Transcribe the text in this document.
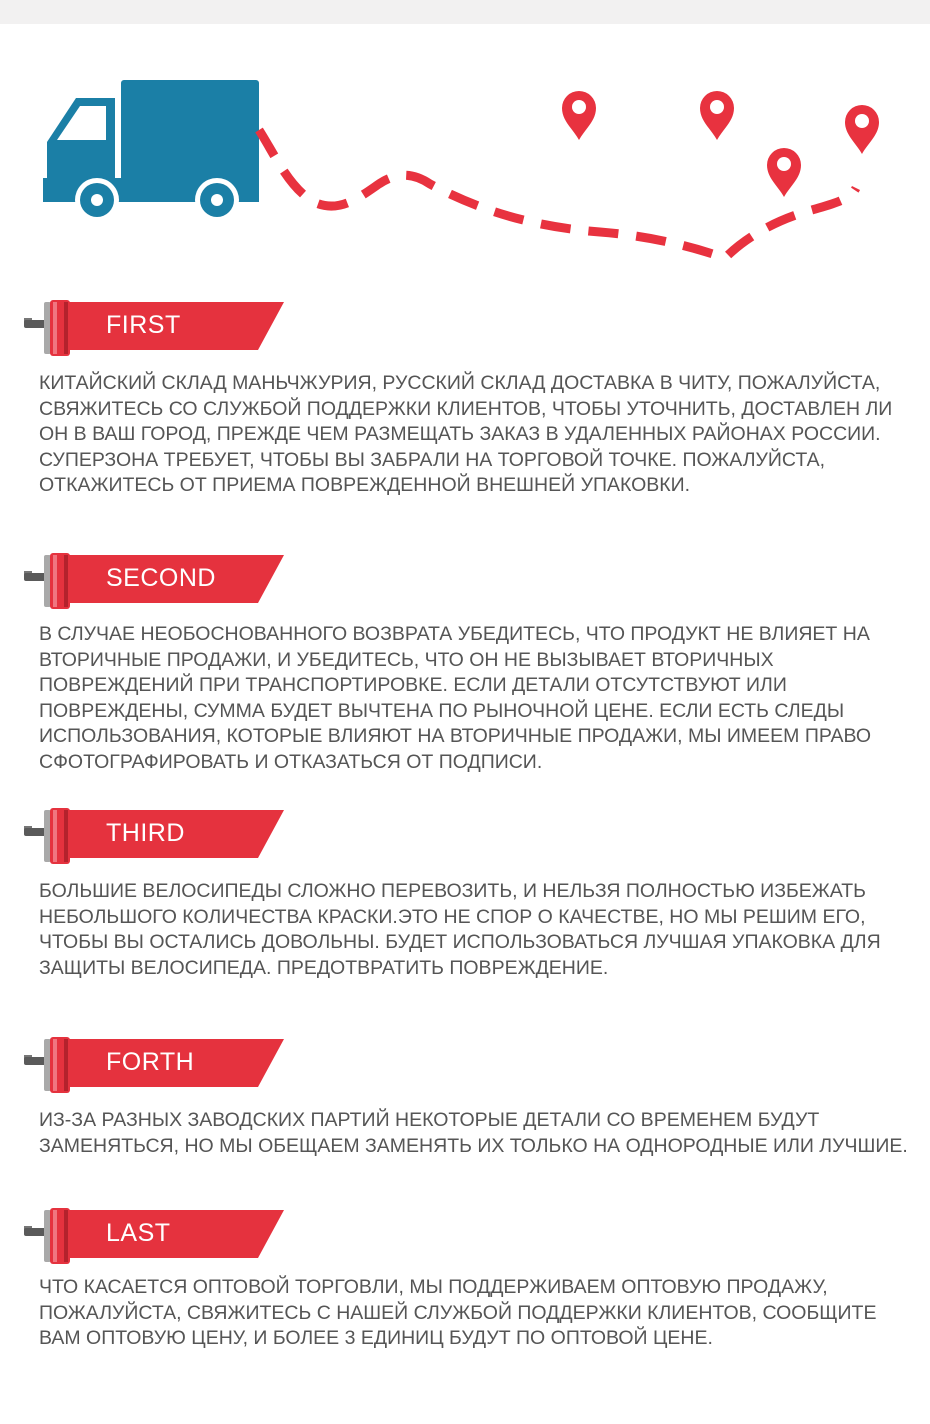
FIRST

КИТАЙСКИЙ СКЛАД МАНЬЧЖУРИЯ, РУССКИЙ СКЛАД ДОСТАВКА В ЧИТУ, ПОЖАЛУЙСТА, СВЯЖИТЕСЬ СО СЛУЖБОЙ ПОДДЕРЖКИ КЛИЕНТОВ, ЧТОБЫ УТОЧНИТЬ, ДОСТАВЛЕН ЛИ ОН В ВАШ ГОРОД, ПРЕЖДЕ ЧЕМ РАЗМЕЩАТЬ ЗАКАЗ В УДАЛЕННЫХ РАЙОНАХ РОССИИ. СУПЕРЗОНА ТРЕБУЕТ, ЧТОБЫ ВЫ ЗАБРАЛИ НА ТОРГОВОЙ ТОЧКЕ. ПОЖАЛУЙСТА, ОТКАЖИТЕСЬ ОТ ПРИЕМА ПОВРЕЖДЕННОЙ ВНЕШНЕЙ УПАКОВКИ.

SECOND

В СЛУЧАЕ НЕОБОСНОВАННОГО ВОЗВРАТА УБЕДИТЕСЬ, ЧТО ПРОДУКТ НЕ ВЛИЯЕТ НА ВТОРИЧНЫЕ ПРОДАЖИ, И УБЕДИТЕСЬ, ЧТО ОН НЕ ВЫЗЫВАЕТ ВТОРИЧНЫХ ПОВРЕЖДЕНИЙ ПРИ ТРАНСПОРТИРОВКЕ. ЕСЛИ ДЕТАЛИ ОТСУТСТВУЮТ ИЛИ ПОВРЕЖДЕНЫ, СУММА БУДЕТ ВЫЧТЕНА ПО РЫНОЧНОЙ ЦЕНЕ. ЕСЛИ ЕСТЬ СЛЕДЫ ИСПОЛЬЗОВАНИЯ, КОТОРЫЕ ВЛИЯЮТ НА ВТОРИЧНЫЕ ПРОДАЖИ, МЫ ИМЕЕМ ПРАВО СФОТОГРАФИРОВАТЬ И ОТКАЗАТЬСЯ ОТ ПОДПИСИ.

THIRD

БОЛЬШИЕ ВЕЛОСИПЕДЫ СЛОЖНО ПЕРЕВОЗИТЬ, И НЕЛЬЗЯ ПОЛНОСТЬЮ ИЗБЕЖАТЬ НЕБОЛЬШОГО КОЛИЧЕСТВА КРАСКИ.ЭТО НЕ СПОР О КАЧЕСТВЕ, НО МЫ РЕШИМ ЕГО, ЧТОБЫ ВЫ ОСТАЛИСЬ ДОВОЛЬНЫ. БУДЕТ ИСПОЛЬЗОВАТЬСЯ ЛУЧШАЯ УПАКОВКА ДЛЯ ЗАЩИТЫ ВЕЛОСИПЕДА. ПРЕДОТВРАТИТЬ ПОВРЕЖДЕНИЕ.

FORTH

ИЗ-ЗА РАЗНЫХ ЗАВОДСКИХ ПАРТИЙ НЕКОТОРЫЕ ДЕТАЛИ СО ВРЕМЕНЕМ БУДУТ ЗАМЕНЯТЬСЯ, НО МЫ ОБЕЩАЕМ ЗАМЕНЯТЬ ИХ ТОЛЬКО НА ОДНОРОДНЫЕ ИЛИ ЛУЧШИЕ.

LAST

ЧТО КАСАЕТСЯ ОПТОВОЙ ТОРГОВЛИ, МЫ ПОДДЕРЖИВАЕМ ОПТОВУЮ ПРОДАЖУ, ПОЖАЛУЙСТА, СВЯЖИТЕСЬ С НАШЕЙ СЛУЖБОЙ ПОДДЕРЖКИ КЛИЕНТОВ, СООБЩИТЕ ВАМ ОПТОВУЮ ЦЕНУ, И БОЛЕЕ 3 ЕДИНИЦ БУДУТ ПО ОПТОВОЙ ЦЕНЕ.
